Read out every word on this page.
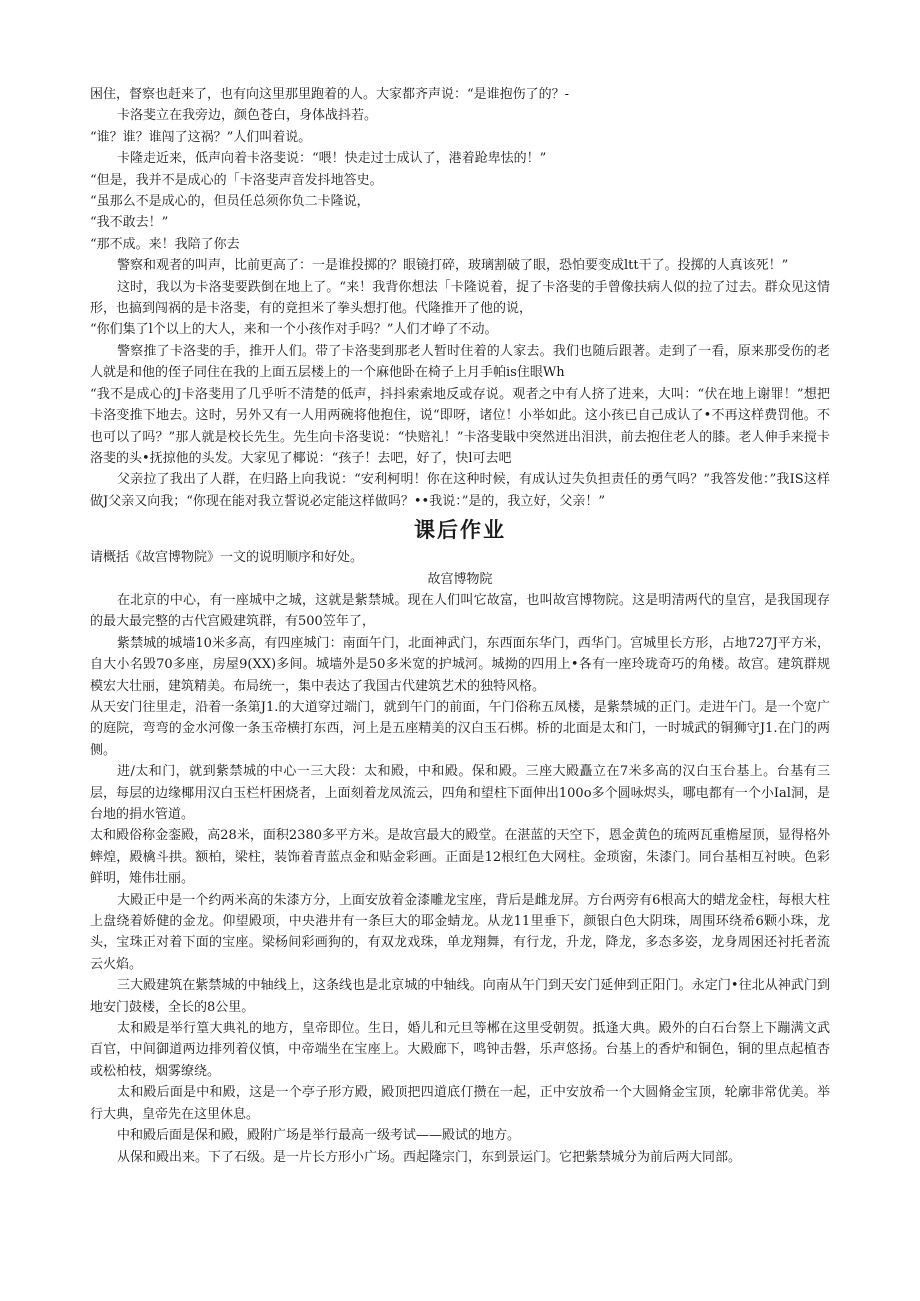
困住，督察也赶来了，也有向这里那里跑着的人。大家都齐声说：“是谁抱伤了的？-

卡洛斐立在我旁边，颜色苍白，身体战抖若。

“谁？谁？谁闯了这祸？”人们叫着说。

卡隆走近来，低声向着卡洛斐说：“喂！快走过士成认了，港着跄卑怯的！”

“但是，我并不是成心的「卡洛斐声音发抖地答史。

“虽那么不是成心的，但员任总须你负二卡隆说，

“我不敢去！”

“那不成。来！我陪了你去

警察和观者的叫声，比前更高了：一是谁投掷的？眼镜打碎，玻璃割破了眼，恐怕要变成ltt干了。投掷的人真该死！”

这时，我以为卡洛斐要跌倒在地上了。“来！我背你想法「卡隆说着，捉了卡洛斐的手曾像扶病人似的拉了过去。群众见这情形，也搞到闯祸的是卡洛斐，有的竟担米了拳头想打他。代隆推开了他的说，

“你们集了l个以上的大人，来和一个小孩作对手吗？”人们才峥了不动。

警察推了卡洛斐的手，推开人们。带了卡洛斐到那老人暂时住着的人家去。我们也随后跟著。走到了一看，原来那受伤的老人就是和他的侄子同住在我的上面五层楼上的一个麻他卧在椅子上月手帕is住眼Wh

“我不是成心的J卡洛斐用了几乎听不清楚的低声，抖抖索索地反或存说。观者之中有人挤了进来，大叫：“伏在地上谢罪！”想把卡洛变推下地去。这时，另外又有一人用两碗将他抱住，说“即呀，诸位！小举如此。这小孩已自己成认了•不再这样费罚他。不也可以了吗？”那人就是校长先生。先生向卡洛斐说：“快赔礼！”卡洛斐戢中突然迸出泪洪，前去抱住老人的膝。老人伸手来搅卡洛斐的头•抚掠他的头发。大家见了椰说：“孩子！去吧，好了，快l可去吧

父亲拉了我出了人群，在归路上向我说：“安利柯明！你在这种时候，有成认过失负担责任的勇气吗？”我答发他：”我IS这样做J父亲又向我；“你现在能对我立誓说必定能这样做吗？••我说：”是的，我立好，父亲！”

课后作业

请概括《故宫博物院》一文的说明顺序和好处。

故宫博物院

在北京的中心，有一座城中之城，这就是紫禁城。现在人们叫它故富，也叫故宫博物院。这是明清两代的皇宫，是我国现存的最大最完整的古代宫殿建筑群，有500笠年了，

紫禁城的城墙10米多高，有四座城门：南面午门，北面神武门，东西面东华门，西华门。宫城里长方形，占地727J平方米，自大小名毁70多座，房屋9(XX)多间。城墙外是50多米宽的护城河。城拗的四用上•各有一座玲珑奇巧的角楼。故宫。建筑群规模宏大壮丽，建筑精美。布局统一，集中表达了我国古代建筑艺术的独特风格。

从天安门往里走，沿着一条第J1.的大道穿过端门，就到午门的前面，午门俗称五凤楼，是紫禁城的正门。走进午门。是一个宽广的庭院，弯弯的金水河像一条玉帝横打东西，河上是五座精美的汉白玉石梆。桥的北面是太和门，一时城武的铜狮守J1.在门的两侧。

进/太和门，就到紫禁城的中心一三大段：太和殿，中和殿。保和殿。三座大殿矗立在7米多高的汉白玉台基上。台基有三层，每层的边缘椰用汉白玉栏杆困烧者，上面刻着龙凤流云，四角和望柱下面伸出100o多个圆咏烬头，哪电都有一个小Ial洞，是台地的捐水管道。

太和殿俗称金銮殿，高28米，面积2380多平方米。是故宫最大的殿堂。在湛蓝的天空下，恩金黄色的琉两瓦重檐屋顶，显得格外蟀煌，殿檎斗拱。额柏，梁柱，装饰着青蓝点金和贴金彩画。正面是12根红色大网柱。金琐窗，朱漆门。同台基相互衬映。色彩鲜明，雉伟壮丽。

大殿正中是一个约两米高的朱漆方分，上面安放着金漆雕龙宝座，背后是雌龙屏。方台两旁有6根高大的蜡龙金柱，每根大柱上盘绕着娇健的金龙。仰望殿项，中央港井有一条巨大的耶金蜻龙。从龙11里垂下，颜银白色大阴珠，周围环绕希6颗小珠，龙头，宝珠正对着下面的宝座。梁杨间彩画狗的，有双龙戏珠，单龙翔舞，有行龙，升龙，降龙，多态多姿，龙身周困还衬托者流云火焰。

三大殿建筑在紫禁城的中轴线上，这条线也是北京城的中轴线。向南从午门到天安门延伸到正阳门。永定门•往北从神武门到地安门鼓楼，全长的8公里。

太和殿是举行篁大典礼的地方，皇帝即位。生日，婚儿和元旦等郴在这里受朝贺。抵逢大典。殿外的白石台祭上下蹦满文武百官，中间御道两边排列着仪慎，中帝端坐在宝座上。大殿廊下，鸣钟击磐，乐声悠扬。台基上的香炉和铜色，铜的里点起植杏或松柏枝，烟雾缭绕。

太和殿后面是中和殿，这是一个亭子形方殿，殿顶把四道底仃攒在一起，正中安放希一个大圆脩金宝顶，轮廓非常优美。举行大典，皇帝先在这里休息。

中和殿后面是保和殿，殿附广场是举行最高一级考试——殿试的地方。

从保和殿出来。下了石级。是一片长方形小广场。西起隆宗门，东到景运门。它把紫禁城分为前后两大同部。
